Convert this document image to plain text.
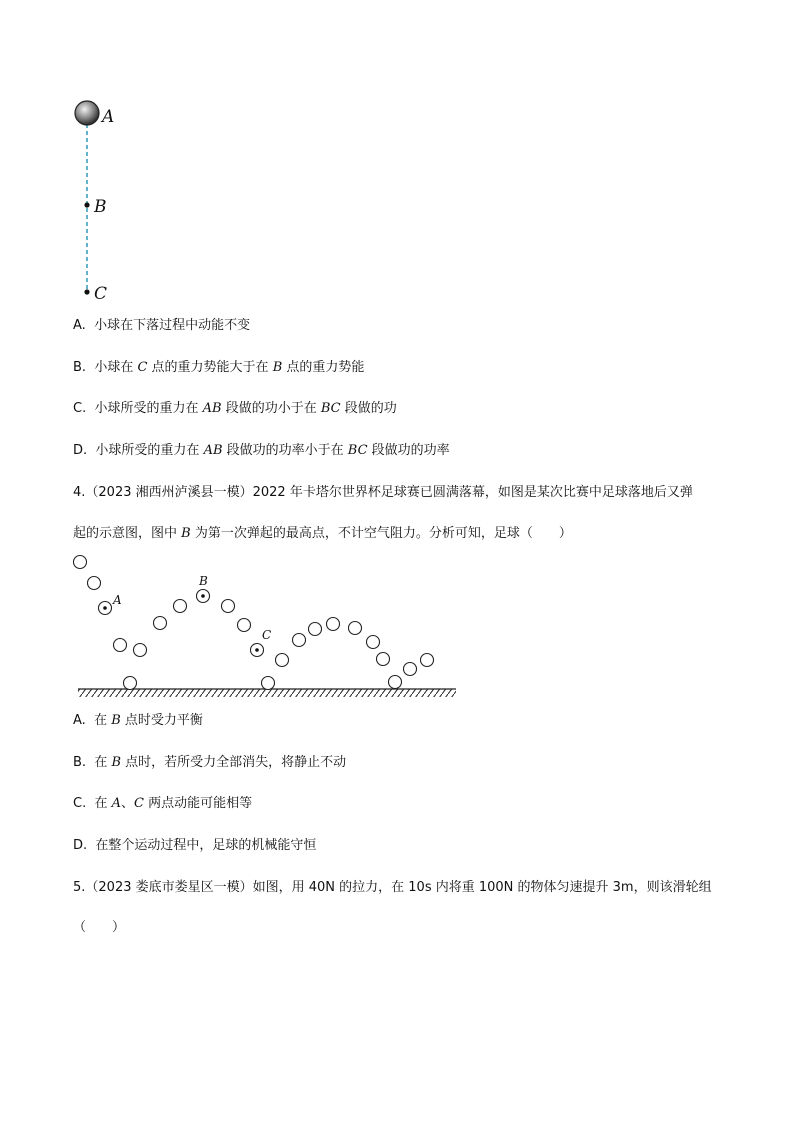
A
B
C
A. 小球在下落过程中动能不变
B. 小球在 C 点的重力势能大于在 B 点的重力势能
C. 小球所受的重力在 AB 段做的功小于在 BC 段做的功
D. 小球所受的重力在 AB 段做功的功率小于在 BC 段做功的功率
4.（2023 湘西州泸溪县一模）2022 年卡塔尔世界杯足球赛已圆满落幕，如图是某次比赛中足球落地后又弹
起的示意图，图中 B 为第一次弹起的最高点，不计空气阻力。分析可知，足球（　　）
A
B
C
A. 在 B 点时受力平衡
B. 在 B 点时，若所受力全部消失，将静止不动
C. 在 A、C 两点动能可能相等
D. 在整个运动过程中，足球的机械能守恒
5.（2023 娄底市娄星区一模）如图，用 40N 的拉力，在 10s 内将重 100N 的物体匀速提升 3m，则该滑轮组
（　　）
